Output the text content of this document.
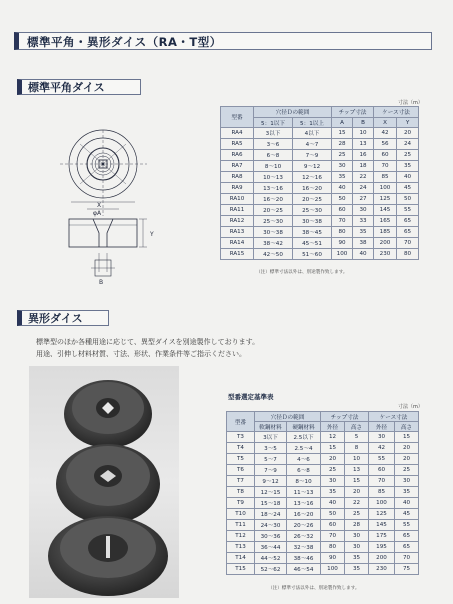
標準平角・異形ダイス（RA・T型）
標準平角ダイス
X
φA
Y
B
寸法（m）
型番	穴径Ｄの範囲		チップ寸法		ケース寸法	
	5：1以下	5：1以上	A	B	X	Y
RA4	3以下	4以下	15	10	42	20
RA5	3〜6	4〜7	28	13	56	24
RA6	6〜8	7〜9	25	16	60	25
RA7	8〜10	9〜12	30	18	70	35
RA8	10〜13	12〜16	35	22	85	40
RA9	13〜16	16〜20	40	24	100	45
RA10	16〜20	20〜25	50	27	125	50
RA11	20〜25	25〜30	60	30	145	55
RA12	25〜30	30〜38	70	33	165	65
RA13	30〜38	38〜45	80	35	185	65
RA14	38〜42	45〜51	90	38	200	70
RA15	42〜50	51〜60	100	40	230	80
（注）標準寸法以外は、別途製作致します。
異形ダイス
標準型のほか各種用途に応じて、異型ダイスを別途製作しております。
用途、引伸し材料材質、寸法、形状、作業条件等ご指示ください。
型番選定基準表
寸法（m）
型番	穴径Ｄの範囲		チップ寸法		ケース寸法	
	軟鋼材料	硬鋼材料	外径	高さ	外径	高さ
T3	3以下	2.5以下	12	5	30	15
T4	3〜5	2.5〜4	15	8	42	20
T5	5〜7	4〜6	20	10	55	20
T6	7〜9	6〜8	25	13	60	25
T7	9〜12	8〜10	30	15	70	30
T8	12〜15	11〜13	35	20	85	35
T9	15〜18	13〜16	40	22	100	40
T10	18〜24	16〜20	50	25	125	45
T11	24〜30	20〜26	60	28	145	55
T12	30〜36	26〜32	70	30	175	65
T13	36〜44	32〜38	80	30	195	65
T14	44〜52	38〜46	90	35	200	70
T15	52〜62	46〜54	100	35	230	75
（注）標準寸法以外は、別途製作致します。
